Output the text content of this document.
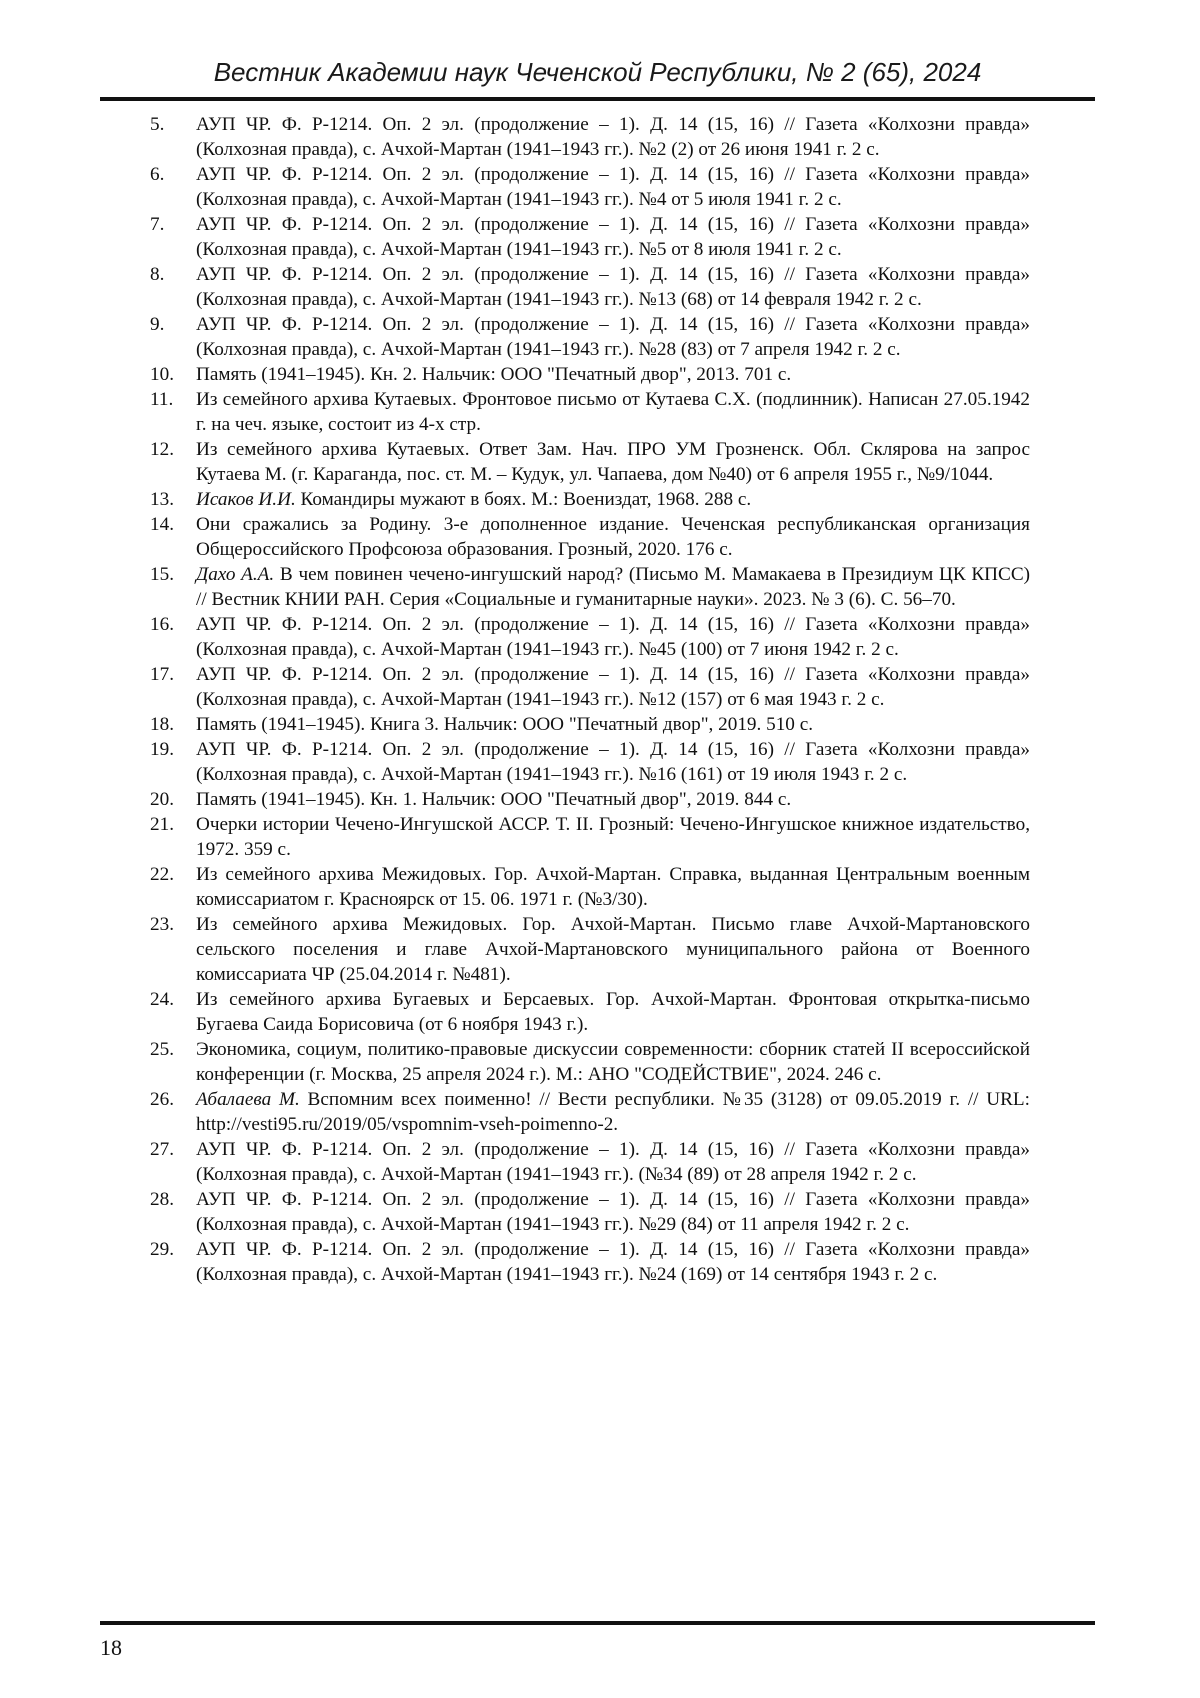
Вестник Академии наук Чеченской Республики, № 2 (65), 2024
5.	АУП ЧР. Ф. Р-1214. Оп. 2 эл. (продолжение – 1). Д. 14 (15, 16) // Газета «Колхозни правда» (Колхозная правда), с. Ачхой-Мартан (1941–1943 гг.). №2 (2) от 26 июня 1941 г. 2 с.
6.	АУП ЧР. Ф. Р-1214. Оп. 2 эл. (продолжение – 1). Д. 14 (15, 16) // Газета «Колхозни правда» (Колхозная правда), с. Ачхой-Мартан (1941–1943 гг.). №4 от 5 июля 1941 г. 2 с.
7.	АУП ЧР. Ф. Р-1214. Оп. 2 эл. (продолжение – 1). Д. 14 (15, 16) // Газета «Колхозни правда» (Колхозная правда), с. Ачхой-Мартан (1941–1943 гг.). №5 от 8 июля 1941 г. 2 с.
8.	АУП ЧР. Ф. Р-1214. Оп. 2 эл. (продолжение – 1). Д. 14 (15, 16) // Газета «Колхозни правда» (Колхозная правда), с. Ачхой-Мартан (1941–1943 гг.). №13 (68) от 14 февраля 1942 г. 2 с.
9.	АУП ЧР. Ф. Р-1214. Оп. 2 эл. (продолжение – 1). Д. 14 (15, 16) // Газета «Колхозни правда» (Колхозная правда), с. Ачхой-Мартан (1941–1943 гг.). №28 (83) от 7 апреля 1942 г. 2 с.
10.	Память (1941–1945). Кн. 2. Нальчик: ООО "Печатный двор", 2013. 701 с.
11.	Из семейного архива Кутаевых. Фронтовое письмо от Кутаева С.Х. (подлинник). Написан 27.05.1942 г. на чеч. языке, состоит из 4-х стр.
12.	Из семейного архива Кутаевых. Ответ Зам. Нач. ПРО УМ Грозненск. Обл. Склярова на запрос Кутаева М. (г. Караганда, пос. ст. М. – Кудук, ул. Чапаева, дом №40) от 6 апреля 1955 г., №9/1044.
13.	Исаков И.И. Командиры мужают в боях. М.: Воениздат, 1968. 288 с.
14.	Они сражались за Родину. 3-е дополненное издание. Чеченская республиканская организация Общероссийского Профсоюза образования. Грозный, 2020. 176 с.
15.	Дахо А.А. В чем повинен чечено-ингушский народ? (Письмо М. Мамакаева в Президиум ЦК КПСС) // Вестник КНИИ РАН. Серия «Социальные и гуманитарные науки». 2023. № 3 (6). С. 56–70.
16.	АУП ЧР. Ф. Р-1214. Оп. 2 эл. (продолжение – 1). Д. 14 (15, 16) // Газета «Колхозни правда» (Колхозная правда), с. Ачхой-Мартан (1941–1943 гг.). №45 (100) от 7 июня 1942 г. 2 с.
17.	АУП ЧР. Ф. Р-1214. Оп. 2 эл. (продолжение – 1). Д. 14 (15, 16) // Газета «Колхозни правда» (Колхозная правда), с. Ачхой-Мартан (1941–1943 гг.). №12 (157) от 6 мая 1943 г. 2 с.
18.	Память (1941–1945). Книга 3. Нальчик: ООО "Печатный двор", 2019. 510 с.
19.	АУП ЧР. Ф. Р-1214. Оп. 2 эл. (продолжение – 1). Д. 14 (15, 16) // Газета «Колхозни правда» (Колхозная правда), с. Ачхой-Мартан (1941–1943 гг.). №16 (161) от 19 июля 1943 г. 2 с.
20.	Память (1941–1945). Кн. 1. Нальчик: ООО "Печатный двор", 2019. 844 с.
21.	Очерки истории Чечено-Ингушской АССР. Т. II. Грозный: Чечено-Ингушское книжное издательство, 1972. 359 с.
22.	Из семейного архива Межидовых. Гор. Ачхой-Мартан. Справка, выданная Центральным военным комиссариатом г. Красноярск от 15. 06. 1971 г. (№3/30).
23.	Из семейного архива Межидовых. Гор. Ачхой-Мартан. Письмо главе Ачхой-Мартановского сельского поселения и главе Ачхой-Мартановского муниципального района от Военного комиссариата ЧР (25.04.2014 г. №481).
24.	Из семейного архива Бугаевых и Берсаевых. Гор. Ачхой-Мартан. Фронтовая открытка-письмо Бугаева Саида Борисовича (от 6 ноября 1943 г.).
25.	Экономика, социум, политико-правовые дискуссии современности: сборник статей II всероссийской конференции (г. Москва, 25 апреля 2024 г.). М.: АНО "СОДЕЙСТВИЕ", 2024. 246 с.
26.	Абалаева М. Вспомним всех поименно! // Вести республики. №35 (3128) от 09.05.2019 г. // URL: http://vesti95.ru/2019/05/vspomnim-vseh-poimenno-2.
27.	АУП ЧР. Ф. Р-1214. Оп. 2 эл. (продолжение – 1). Д. 14 (15, 16) // Газета «Колхозни правда» (Колхозная правда), с. Ачхой-Мартан (1941–1943 гг.). (№34 (89) от 28 апреля 1942 г. 2 с.
28.	АУП ЧР. Ф. Р-1214. Оп. 2 эл. (продолжение – 1). Д. 14 (15, 16) // Газета «Колхозни правда» (Колхозная правда), с. Ачхой-Мартан (1941–1943 гг.). №29 (84) от 11 апреля 1942 г. 2 с.
29.	АУП ЧР. Ф. Р-1214. Оп. 2 эл. (продолжение – 1). Д. 14 (15, 16) // Газета «Колхозни правда» (Колхозная правда), с. Ачхой-Мартан (1941–1943 гг.). №24 (169) от 14 сентября 1943 г. 2 с.
18
